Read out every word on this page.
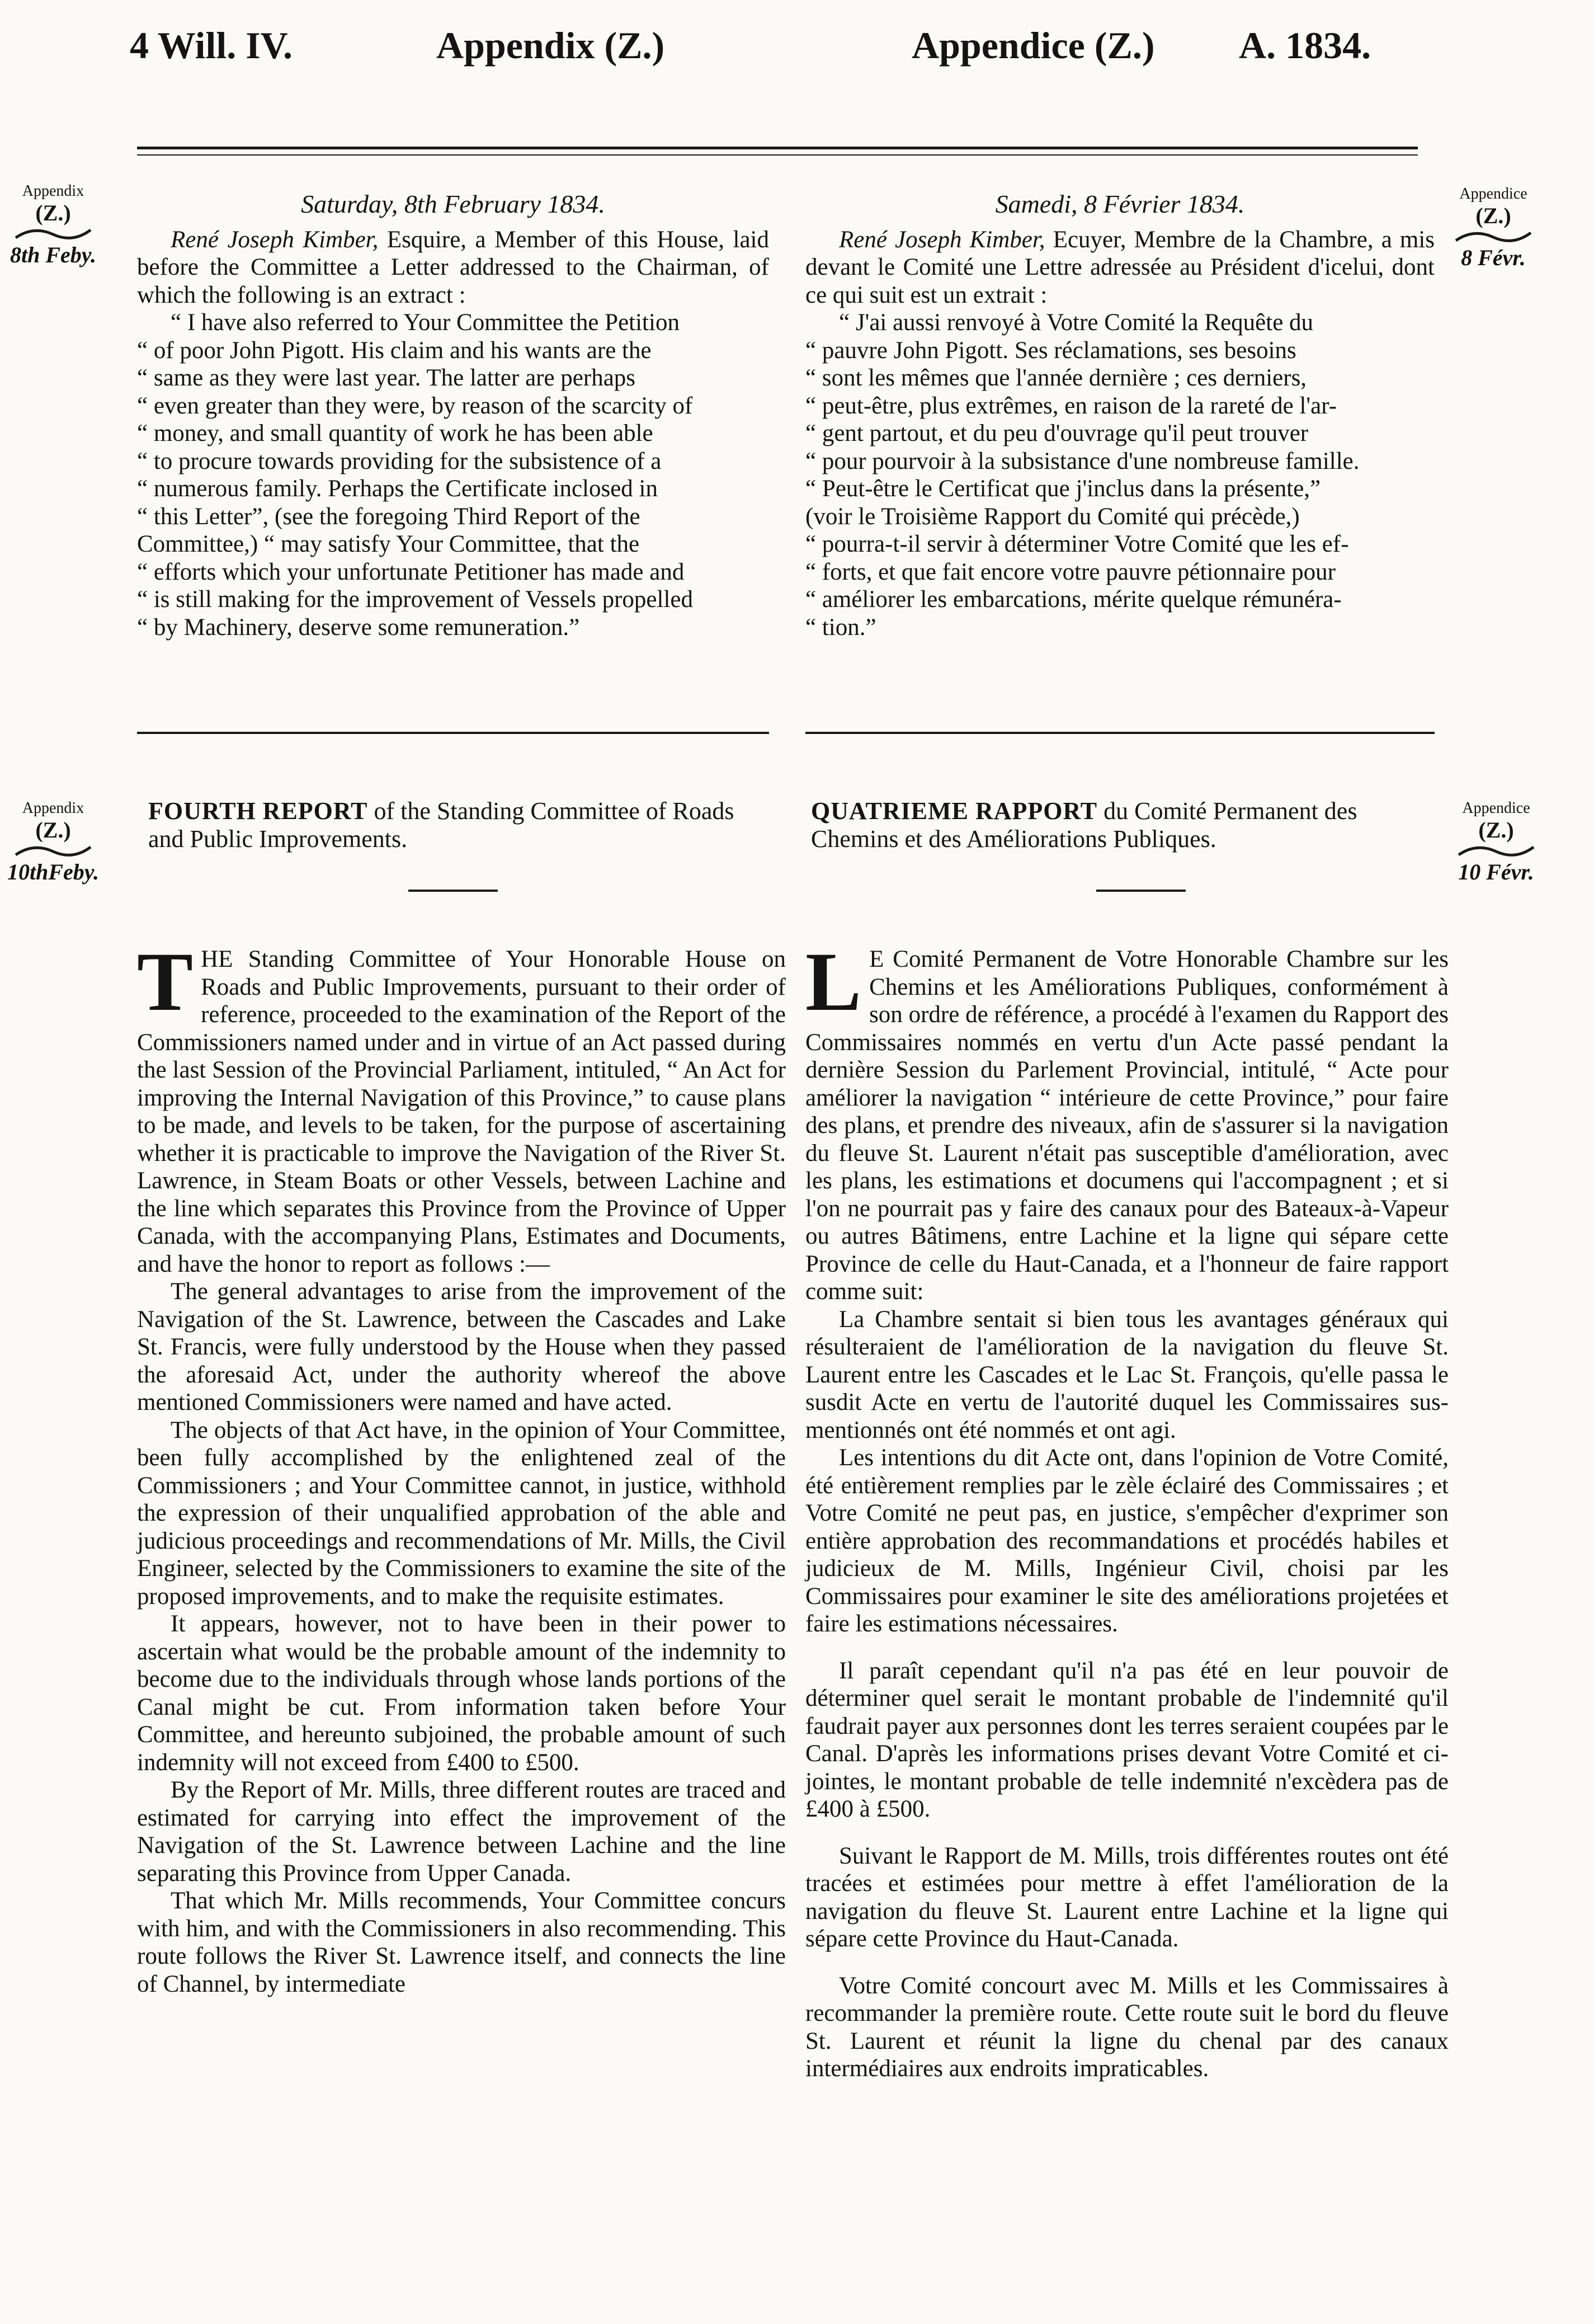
4 Will. IV.	Appendix (Z.)	Appendice (Z.) A. 1834.
Appendix
(Z.)
8th Feby.
Appendice
(Z.)
8 Févr.

Saturday, 8th February 1834.

René Joseph Kimber, Esquire, a Member of this House, laid before the Committee a Letter addressed to the Chairman, of which the following is an extract :

“ I have also referred to Your Committee the Petition

“ of poor John Pigott. His claim and his wants are the

“ same as they were last year. The latter are perhaps

“ even greater than they were, by reason of the scarcity of

“ money, and small quantity of work he has been able

“ to procure towards providing for the subsistence of a

“ numerous family. Perhaps the Certificate inclosed in

“ this Letter”, (see the foregoing Third Report of the

Committee,) “ may satisfy Your Committee, that the

“ efforts which your unfortunate Petitioner has made and

“ is still making for the improvement of Vessels propelled

“ by Machinery, deserve some remuneration.”

Samedi, 8 Février 1834.

René Joseph Kimber, Ecuyer, Membre de la Chambre, a mis devant le Comité une Lettre adressée au Président d'icelui, dont ce qui suit est un extrait :

“ J'ai aussi renvoyé à Votre Comité la Requête du

“ pauvre John Pigott. Ses réclamations, ses besoins

“ sont les mêmes que l'année dernière ; ces derniers,

“ peut-être, plus extrêmes, en raison de la rareté de l'ar-

“ gent partout, et du peu d'ouvrage qu'il peut trouver

“ pour pourvoir à la subsistance d'une nombreuse famille.

“ Peut-être le Certificat que j'inclus dans la présente,”

(voir le Troisième Rapport du Comité qui précède,)

“ pourra-t-il servir à déterminer Votre Comité que les ef-

“ forts, et que fait encore votre pauvre pétionnaire pour

“ améliorer les embarcations, mérite quelque rémunéra-

“ tion.”

Appendix
(Z.)
10thFeby.
Appendice
(Z.)
10 Févr.
FOURTH REPORT of the Standing Committee of Roads and Public Improvements.
QUATRIEME RAPPORT du Comité Permanent des Chemins et des Améliorations Publiques.

THE Standing Committee of Your Honorable House on Roads and Public Improvements, pursuant to their order of reference, proceeded to the examination of the Report of the Commissioners named under and in virtue of an Act passed during the last Session of the Provincial Parliament, intituled, “ An Act for improving the Internal Navigation of this Province,” to cause plans to be made, and levels to be taken, for the purpose of ascertaining whether it is practicable to improve the Navigation of the River St. Lawrence, in Steam Boats or other Vessels, between Lachine and the line which separates this Province from the Province of Upper Canada, with the accompanying Plans, Estimates and Documents, and have the honor to report as follows :—

The general advantages to arise from the improvement of the Navigation of the St. Lawrence, between the Cascades and Lake St. Francis, were fully understood by the House when they passed the aforesaid Act, under the authority whereof the above mentioned Commissioners were named and have acted.

The objects of that Act have, in the opinion of Your Committee, been fully accomplished by the enlightened zeal of the Commissioners ; and Your Committee cannot, in justice, withhold the expression of their unqualified approbation of the able and judicious proceedings and recommendations of Mr. Mills, the Civil Engineer, selected by the Commissioners to examine the site of the proposed improvements, and to make the requisite estimates.

It appears, however, not to have been in their power to ascertain what would be the probable amount of the indemnity to become due to the individuals through whose lands portions of the Canal might be cut. From information taken before Your Committee, and hereunto subjoined, the probable amount of such indemnity will not exceed from £400 to £500.

By the Report of Mr. Mills, three different routes are traced and estimated for carrying into effect the improvement of the Navigation of the St. Lawrence between Lachine and the line separating this Province from Upper Canada.

That which Mr. Mills recommends, Your Committee concurs with him, and with the Commissioners in also recommending. This route follows the River St. Lawrence itself, and connects the line of Channel, by intermediate

L E Comité Permanent de Votre Honorable Chambre sur les Chemins et les Améliorations Publiques, conformément à son ordre de référence, a procédé à l'examen du Rapport des Commissaires nommés en vertu d'un Acte passé pendant la dernière Session du Parlement Provincial, intitulé, “ Acte pour améliorer la navigation “ intérieure de cette Province,” pour faire des plans, et prendre des niveaux, afin de s'assurer si la navigation du fleuve St. Laurent n'était pas susceptible d'amélioration, avec les plans, les estimations et documens qui l'accompagnent ; et si l'on ne pourrait pas y faire des canaux pour des Bateaux-à-Vapeur ou autres Bâtimens, entre Lachine et la ligne qui sépare cette Province de celle du Haut-Canada, et a l'honneur de faire rapport comme suit:

La Chambre sentait si bien tous les avantages généraux qui résulteraient de l'amélioration de la navigation du fleuve St. Laurent entre les Cascades et le Lac St. François, qu'elle passa le susdit Acte en vertu de l'autorité duquel les Commissaires sus-mentionnés ont été nommés et ont agi.

Les intentions du dit Acte ont, dans l'opinion de Votre Comité, été entièrement remplies par le zèle éclairé des Commissaires ; et Votre Comité ne peut pas, en justice, s'empêcher d'exprimer son entière approbation des recommandations et procédés habiles et judicieux de M. Mills, Ingénieur Civil, choisi par les Commissaires pour examiner le site des améliorations projetées et faire les estimations nécessaires.

Il paraît cependant qu'il n'a pas été en leur pouvoir de déterminer quel serait le montant probable de l'indemnité qu'il faudrait payer aux personnes dont les terres seraient coupées par le Canal. D'après les informations prises devant Votre Comité et ci-jointes, le montant probable de telle indemnité n'excèdera pas de £400 à £500.

Suivant le Rapport de M. Mills, trois différentes routes ont été tracées et estimées pour mettre à effet l'amélioration de la navigation du fleuve St. Laurent entre Lachine et la ligne qui sépare cette Province du Haut-Canada.

Votre Comité concourt avec M. Mills et les Commissaires à recommander la première route. Cette route suit le bord du fleuve St. Laurent et réunit la ligne du chenal par des canaux intermédiaires aux endroits impraticables.
